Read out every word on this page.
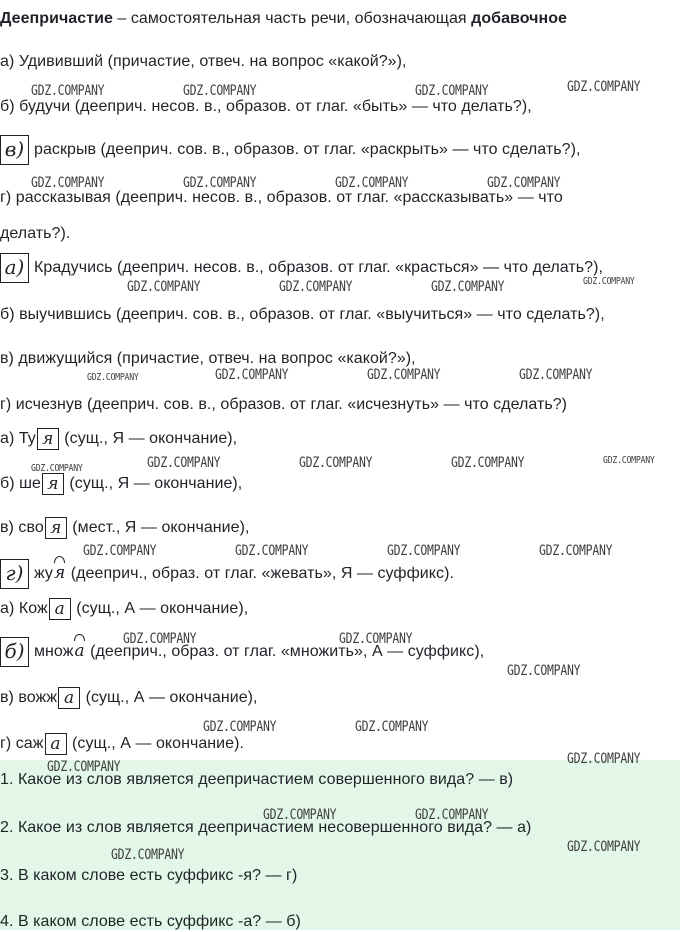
Деепричастие – самостоятельная часть речи, обозначающая добавочное
а) Удививший (причастие, отвеч. на вопрос «какой?»),
б) будучи (дееприч. несов. в., образов. от глаг. «быть» — что делать?),
в) раскрыв (дееприч. сов. в., образов. от глаг. «раскрыть» — что сделать?),
г) рассказывая (дееприч. несов. в., образов. от глаг. «рассказывать» — что
делать?).
а) Крадучись (дееприч. несов. в., образов. от глаг. «красться» — что делать?),
б) выучившись (дееприч. сов. в., образов. от глаг. «выучиться» — что сделать?),
в) движущийся (причастие, отвеч. на вопрос «какой?»),
г) исчезнув (дееприч. сов. в., образов. от глаг. «исчезнуть» — что сделать?)
а) Ту я (сущ., Я — окончание),
б) ше я (сущ., Я — окончание),
в) сво я (мест., Я — окончание),
г) жуя (дееприч., образ. от глаг. «жевать», Я — суффикс).
а) Кож а (сущ., А — окончание),
б) множа (дееприч., образ. от глаг. «множить», А — суффикс),
в) вожж а (сущ., А — окончание),
г) саж а (сущ., А — окончание).
1. Какое из слов является деепричастием совершенного вида? — в)
2. Какое из слов является деепричастием несовершенного вида? — а)
3. В каком слове есть суффикс -я? — г)
4. В каком слове есть суффикс -а? — б)
GDZ.COMPANY	GDZ.COMPANY	GDZ.COMPANY	GDZ.COMPANY
GDZ.COMPANY	GDZ.COMPANY	GDZ.COMPANY	GDZ.COMPANY
GDZ.COMPANY	GDZ.COMPANY	GDZ.COMPANY	GDZ.COMPANY
GDZ.COMPANY	GDZ.COMPANY	GDZ.COMPANY	GDZ.COMPANY
GDZ.COMPANY	GDZ.COMPANY	GDZ.COMPANY	GDZ.COMPANY	GDZ.COMPANY
GDZ.COMPANY	GDZ.COMPANY	GDZ.COMPANY	GDZ.COMPANY
GDZ.COMPANY	GDZ.COMPANY
GDZ.COMPANY
GDZ.COMPANY	GDZ.COMPANY
GDZ.COMPANY	GDZ.COMPANY
GDZ.COMPANY	GDZ.COMPANY
GDZ.COMPANY
GDZ.COMPANY
